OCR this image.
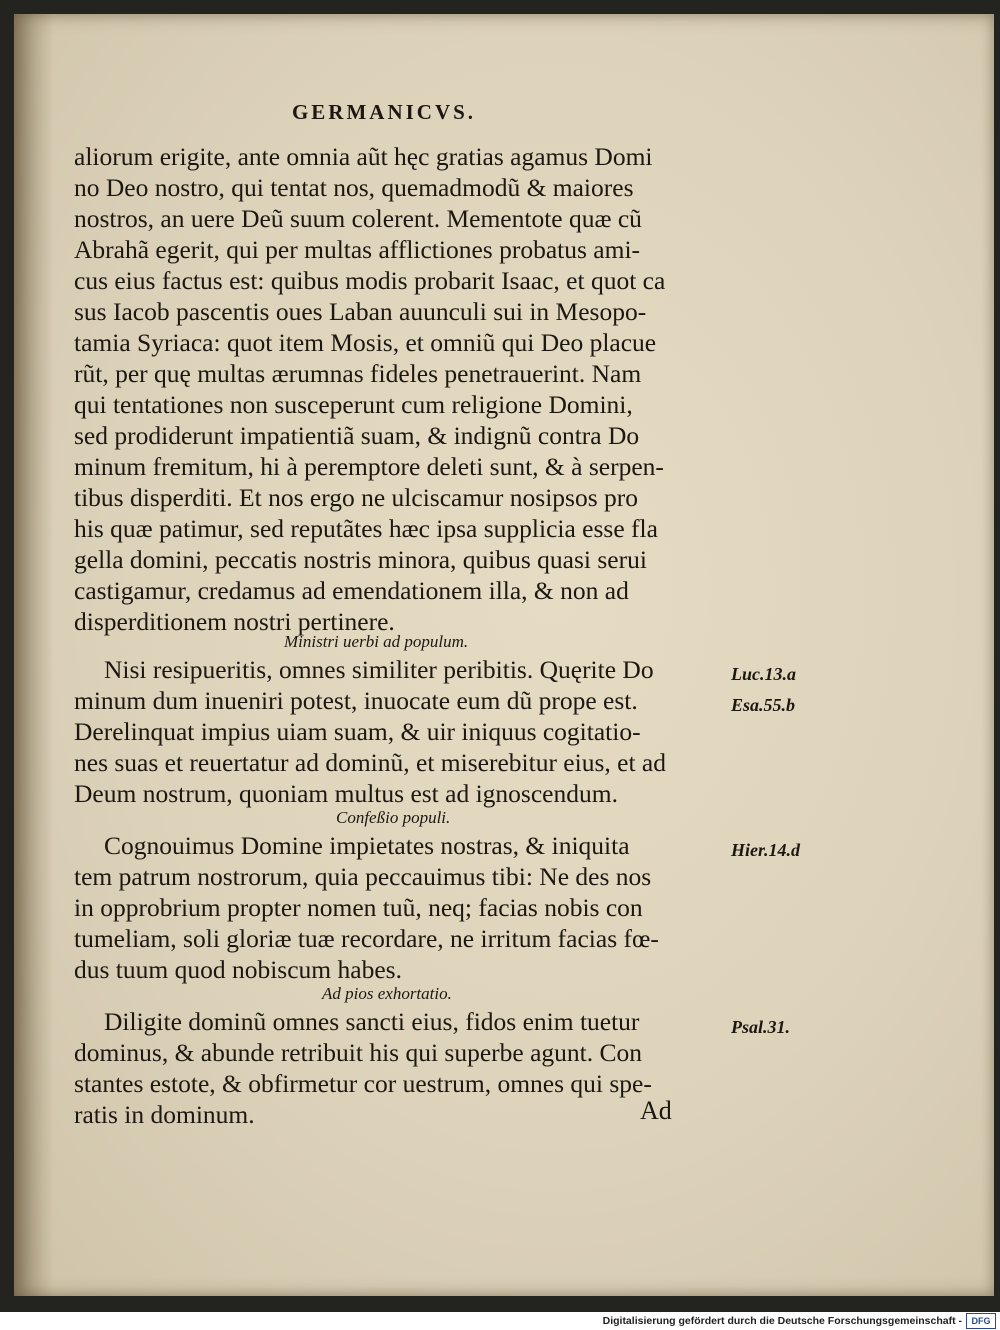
GERMANICVS.
aliorum erigite, ante omnia aũt hęc gratias agamus Domi
no Deo nostro, qui tentat nos, quemadmodũ & maiores
nostros, an uere Deũ suum colerent. Mementote quæ cũ
Abrahã egerit, qui per multas afflictiones probatus ami-
cus eius factus est: quibus modis probarit Isaac, et quot ca
sus Iacob pascentis oues Laban auunculi sui in Mesopo-
tamia Syriaca: quot item Mosis, et omniũ qui Deo placue
rũt, per quę multas ærumnas fideles penetrauerint. Nam
qui tentationes non susceperunt cum religione Domini,
sed prodiderunt impatientiã suam, & indignũ contra Do
minum fremitum, hi à peremptore deleti sunt, & à serpen-
tibus disperditi. Et nos ergo ne ulciscamur nosipsos pro
his quæ patimur, sed reputãtes hæc ipsa supplicia esse fla
gella domini, peccatis nostris minora, quibus quasi serui
castigamur, credamus ad emendationem illa, & non ad
disperditionem nostri pertinere.
Ministri uerbi ad populum.
Nisi resipueritis, omnes similiter peribitis. Quęrite Do
minum dum inueniri potest, inuocate eum dũ prope est.
Derelinquat impius uiam suam, & uir iniquus cogitatio-
nes suas et reuertatur ad dominũ, et miserebitur eius, et ad
Deum nostrum, quoniam multus est ad ignoscendum.
Luc.13.a
Esa.55.b
Confeßio populi.
Cognouimus Domine impietates nostras, & iniquita
tem patrum nostrorum, quia peccauimus tibi: Ne des nos
in opprobrium propter nomen tuũ, neq; facias nobis con
tumeliam, soli gloriæ tuæ recordare, ne irritum facias fœ-
dus tuum quod nobiscum habes.
Hier.14.d
Ad pios exhortatio.
Diligite dominũ omnes sancti eius, fidos enim tuetur
dominus, & abunde retribuit his qui superbe agunt. Con
stantes estote, & obfirmetur cor uestrum, omnes qui spe-
ratis in dominum.
Psal.31.
Ad
Digitalisierung gefördert durch die Deutsche Forschungsgemeinschaft -	DFG
